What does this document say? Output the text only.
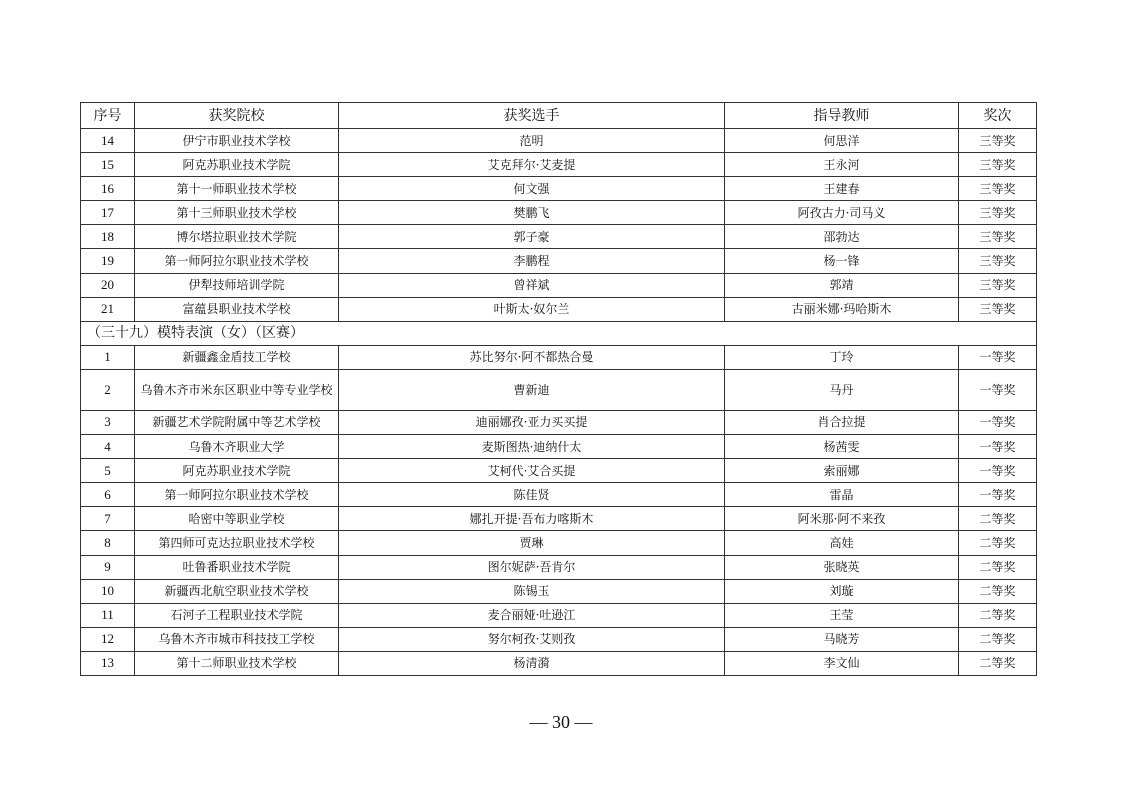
序号	获奖院校	获奖选手	指导教师	奖次
14	伊宁市职业技术学校	范明	何思洋	三等奖
15	阿克苏职业技术学院	艾克拜尔·艾麦提	王永河	三等奖
16	第十一师职业技术学校	何文强	王建春	三等奖
17	第十三师职业技术学校	樊鹏飞	阿孜古力·司马义	三等奖
18	博尔塔拉职业技术学院	郭子豪	邵勃达	三等奖
19	第一师阿拉尔职业技术学校	李鹏程	杨一锋	三等奖
20	伊犁技师培训学院	曾祥斌	郭靖	三等奖
21	富蕴县职业技术学校	叶斯太·奴尔兰	古丽米娜·玛哈斯木	三等奖
（三十九）模特表演（女）（区赛）				
1	新疆鑫金盾技工学校	苏比努尔·阿不都热合曼	丁玲	一等奖
2	乌鲁木齐市米东区职业中等专业学校	曹新迪	马丹	一等奖
3	新疆艺术学院附属中等艺术学校	迪丽娜孜·亚力买买提	肖合拉提	一等奖
4	乌鲁木齐职业大学	麦斯图热·迪纳什太	杨茜雯	一等奖
5	阿克苏职业技术学院	艾柯代·艾合买提	索丽娜	一等奖
6	第一师阿拉尔职业技术学校	陈佳贤	雷晶	一等奖
7	哈密中等职业学校	娜扎开提·吾布力喀斯木	阿米那·阿不来孜	二等奖
8	第四师可克达拉职业技术学校	贾琳	高娃	二等奖
9	吐鲁番职业技术学院	图尔妮萨·吾肯尔	张晓英	二等奖
10	新疆西北航空职业技术学校	陈锡玉	刘璇	二等奖
11	石河子工程职业技术学院	麦合丽娅·吐逊江	王莹	二等奖
12	乌鲁木齐市城市科技技工学校	努尔柯孜·艾则孜	马晓芳	二等奖
13	第十二师职业技术学校	杨清漪	李文仙	二等奖
— 30 —
